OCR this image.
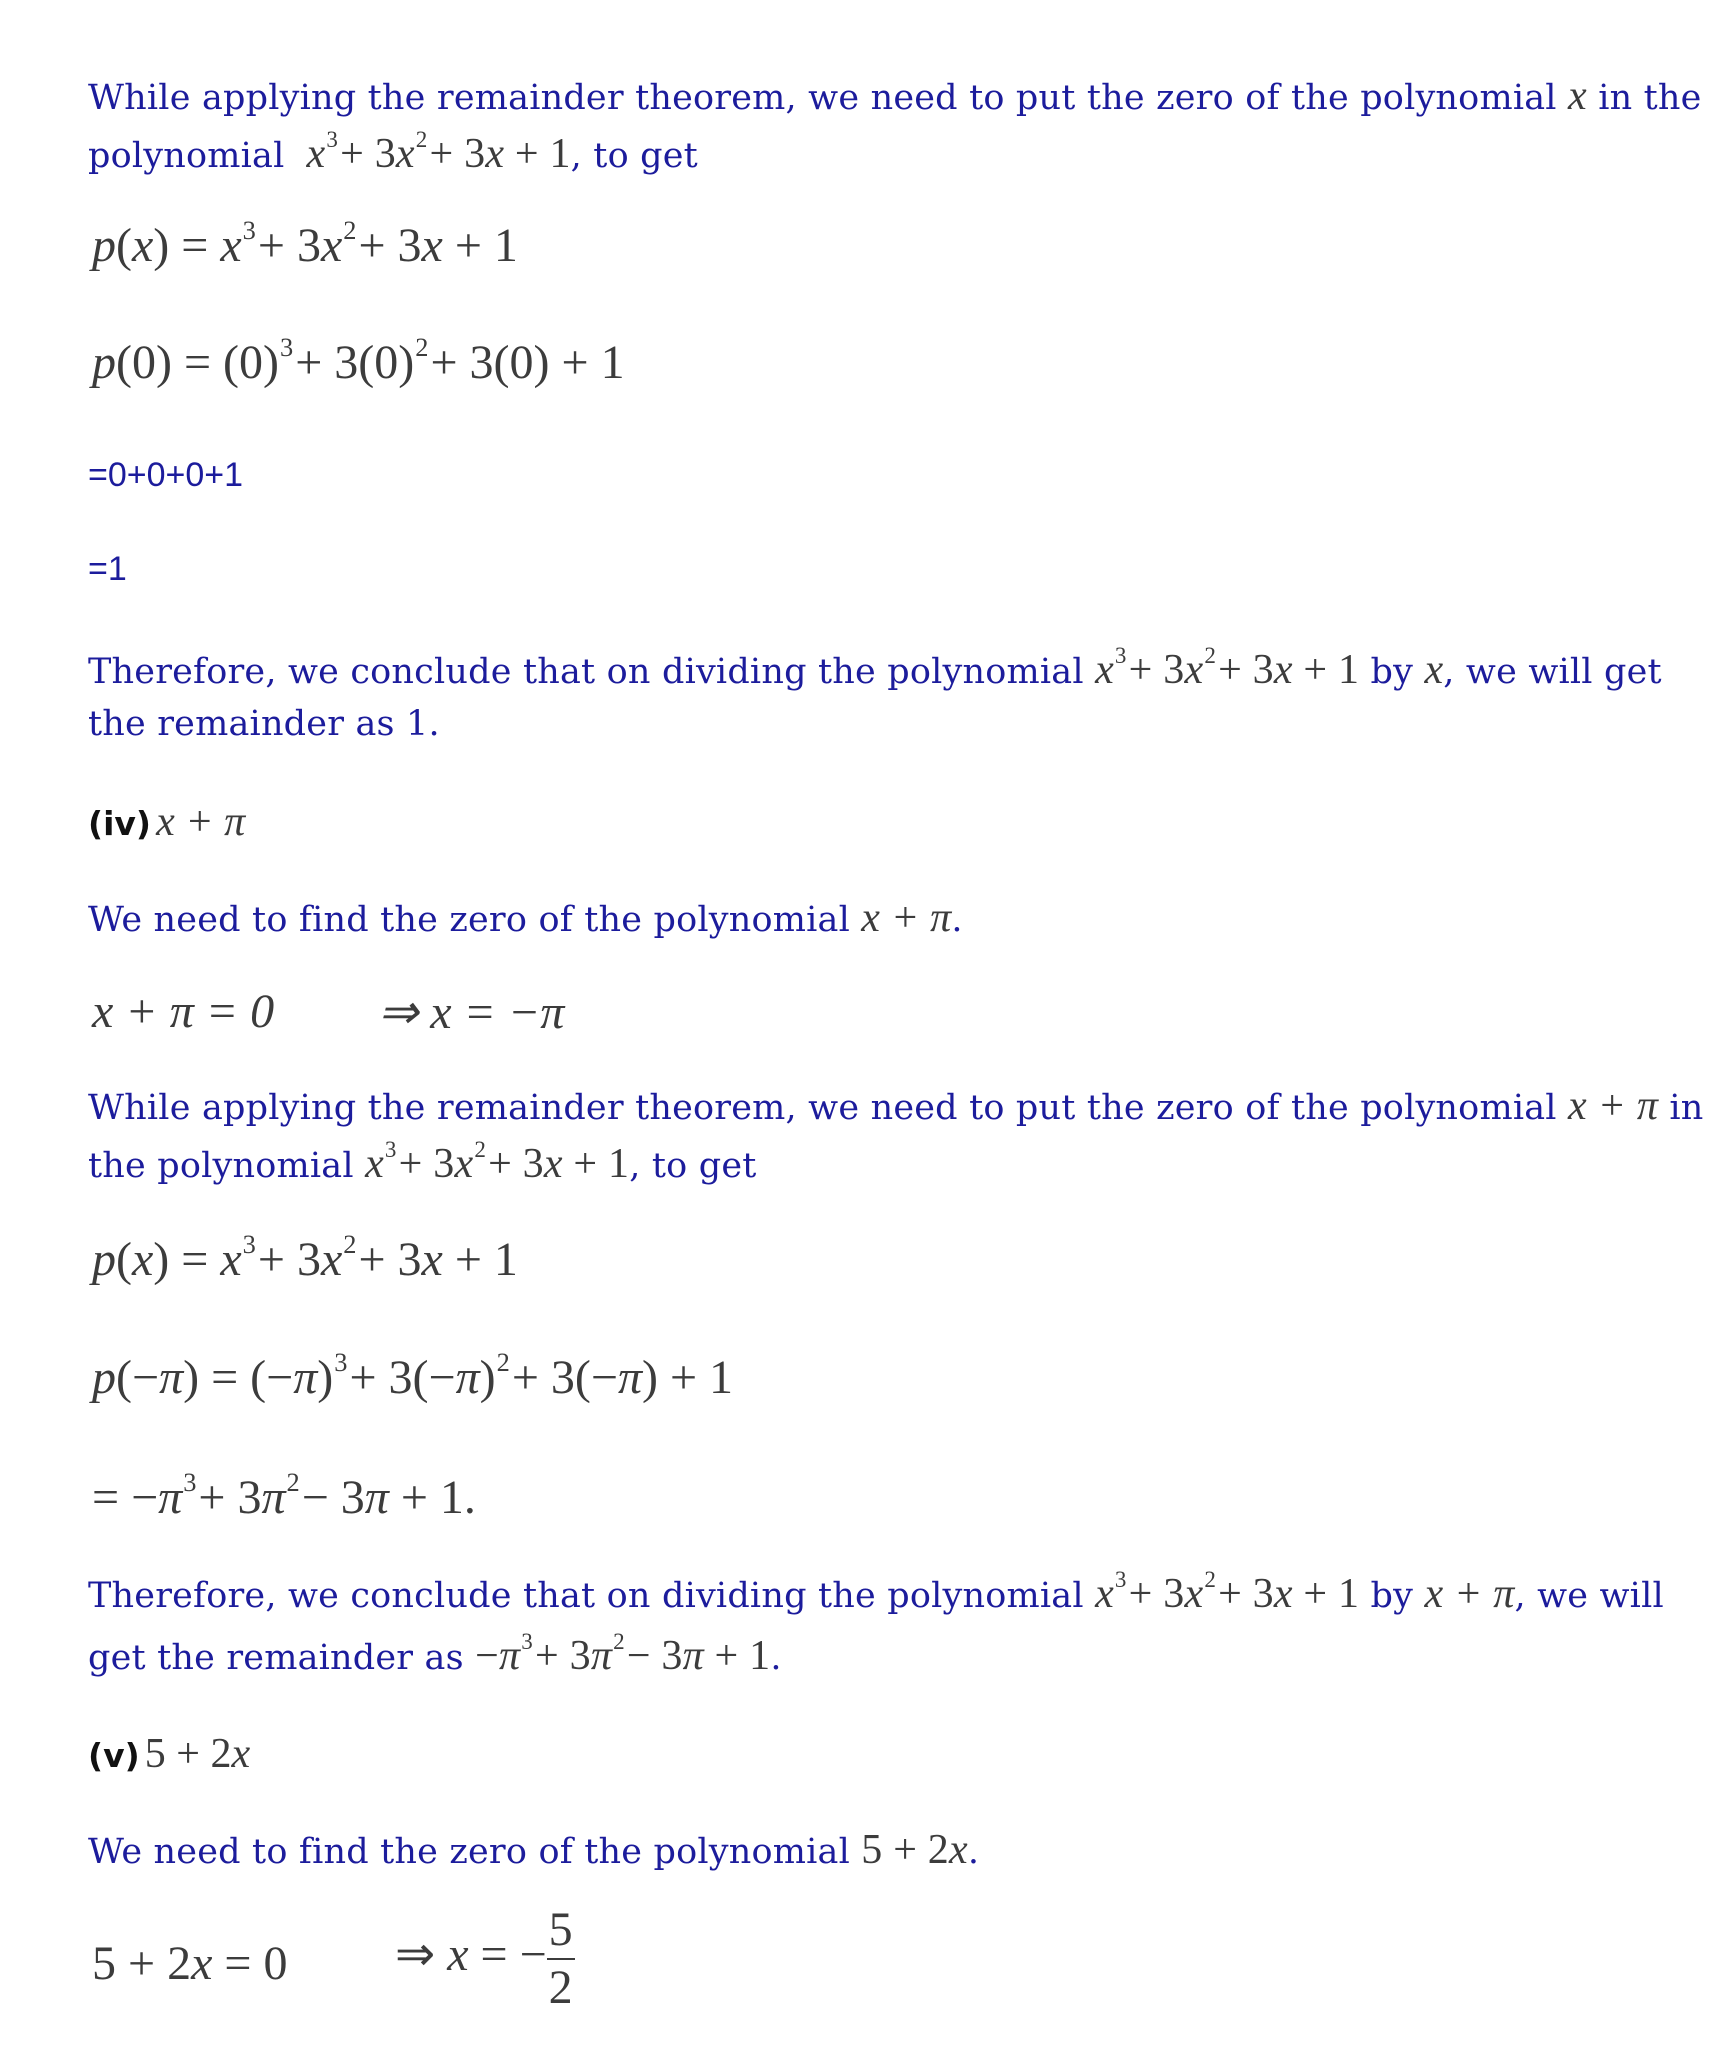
While applying the remainder theorem, we need to put the zero of the polynomial x in the
polynomial $x^3+ 3x^2+ 3x + 1$, to get
$p(x) = x^3+ 3x^2+ 3x + 1$
$p(0) = (0)^3+ 3(0)^2+ 3(0) + 1$
=0+0+0+1
=1
Therefore, we conclude that on dividing the polynomial $x^3+ 3x^2+ 3x + 1$ by x, we will get
the remainder as 1.
(iv) x + π
We need to find the zero of the polynomial x + π.
x + π = 0 ⇒ x = −π
While applying the remainder theorem, we need to put the zero of the polynomial x + π in
the polynomial $x^3+ 3x^2+ 3x + 1$, to get
$p(x) = x^3+ 3x^2+ 3x + 1$
$p(-\pi) = (-\pi)^3+ 3(-\pi)^2+ 3(-\pi) + 1$
= $-\pi^3+ 3\pi^2- 3\pi + 1$.
Therefore, we conclude that on dividing the polynomial $x^3+ 3x^2+ 3x + 1$ by x + π, we will
get the remainder as $-\pi^3+ 3\pi^2- 3\pi + 1$.
(v) 5 + 2x
We need to find the zero of the polynomial 5 + 2x.
5 + 2x = 0 ⇒ x = − $\frac{5}{2}$
